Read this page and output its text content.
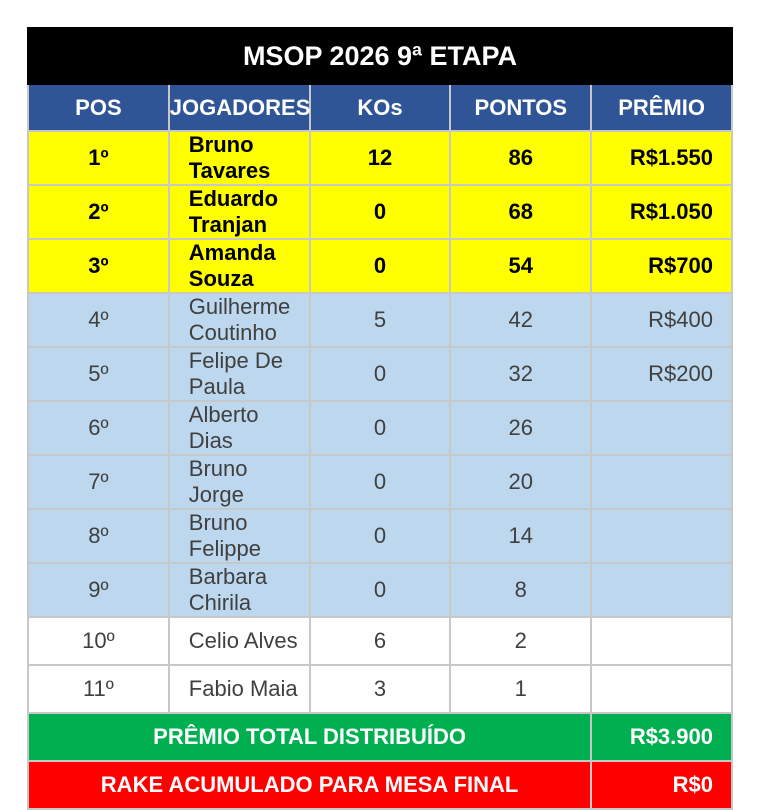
MSOP 2026 9ª ETAPA				
POS	JOGADORES	KOs	PONTOS	PRÊMIO
1º	Bruno Tavares	12	86	R$1.550
2º	Eduardo Tranjan	0	68	R$1.050
3º	Amanda Souza	0	54	R$700
4º	Guilherme Coutinho	5	42	R$400
5º	Felipe De Paula	0	32	R$200
6º	Alberto Dias	0	26	
7º	Bruno Jorge	0	20	
8º	Bruno Felippe	0	14	
9º	Barbara Chirila	0	8	
10º	Celio Alves	6	2	
11º	Fabio Maia	3	1	
PRÊMIO TOTAL DISTRIBUÍDO				R$3.900
RAKE ACUMULADO PARA MESA FINAL				R$0
